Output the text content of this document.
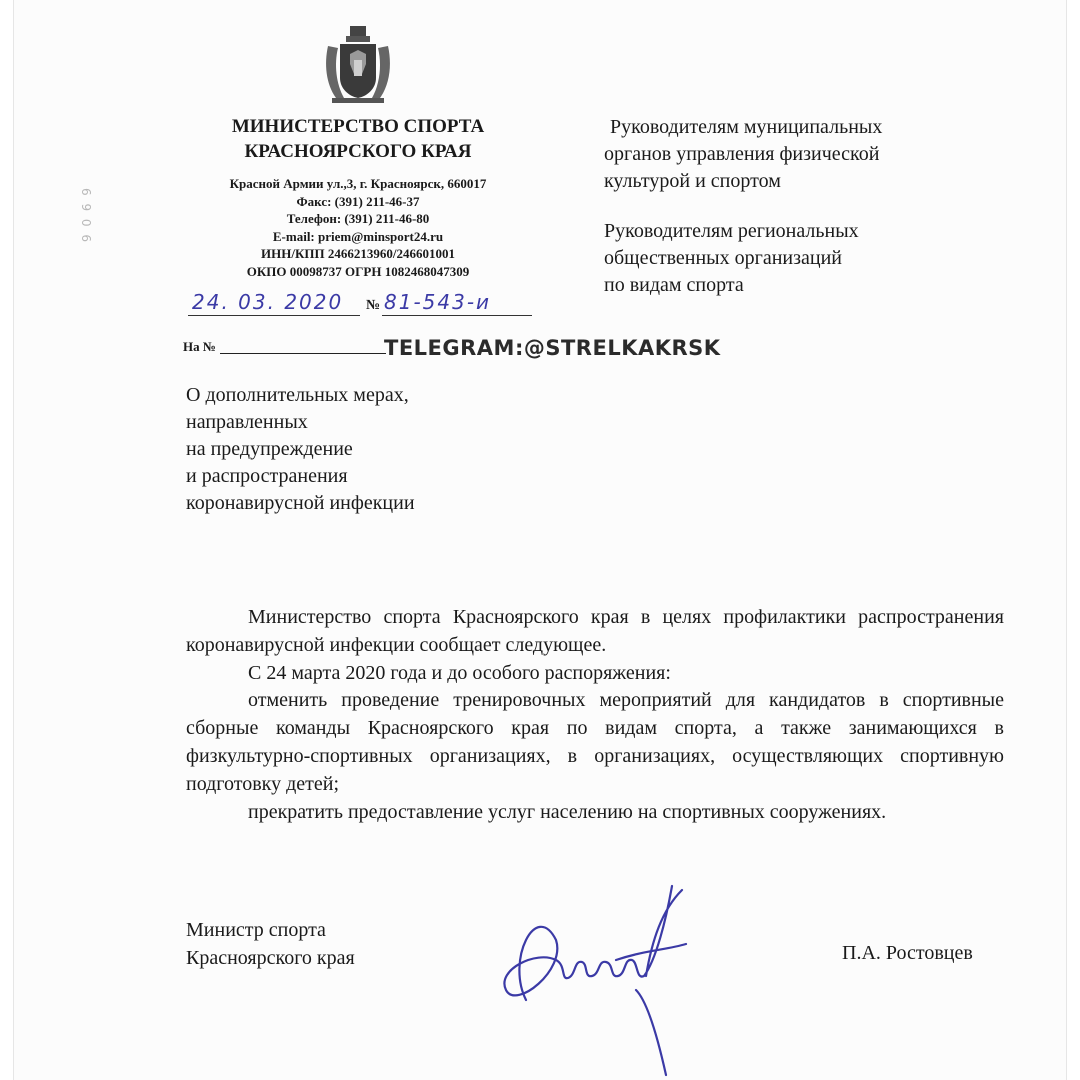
МИНИСТЕРСТВО СПОРТА
КРАСНОЯРСКОГО КРАЯ
Красной Армии ул.,3, г. Красноярск, 660017
Факс: (391) 211-46-37
Телефон: (391) 211-46-80
E-mail: priem@minsport24.ru
ИНН/КПП 2466213960/246601001
ОКПО 00098737 ОГРН 1082468047309
24. 03. 2020 № 81-543-и
На №	TELEGRAM:@STRELKAKRSK
Руководителям муниципальных
органов управления физической
культурой и спортом
Руководителям региональных
общественных организаций
по видам спорта
О дополнительных мерах,
направленных
на предупреждение
и распространения
коронавирусной инфекции

Министерство спорта Красноярского края в целях профилактики распространения коронавирусной инфекции сообщает следующее.

С 24 марта 2020 года и до особого распоряжения:

отменить проведение тренировочных мероприятий для кандидатов в спортивные сборные команды Красноярского края по видам спорта, а также занимающихся в физкультурно-спортивных организациях, в организациях, осуществляющих спортивную подготовку детей;

прекратить предоставление услуг населению на спортивных сооружениях.

Министр спорта
Красноярского края	П.А. Ростовцев
9 0 6 9
